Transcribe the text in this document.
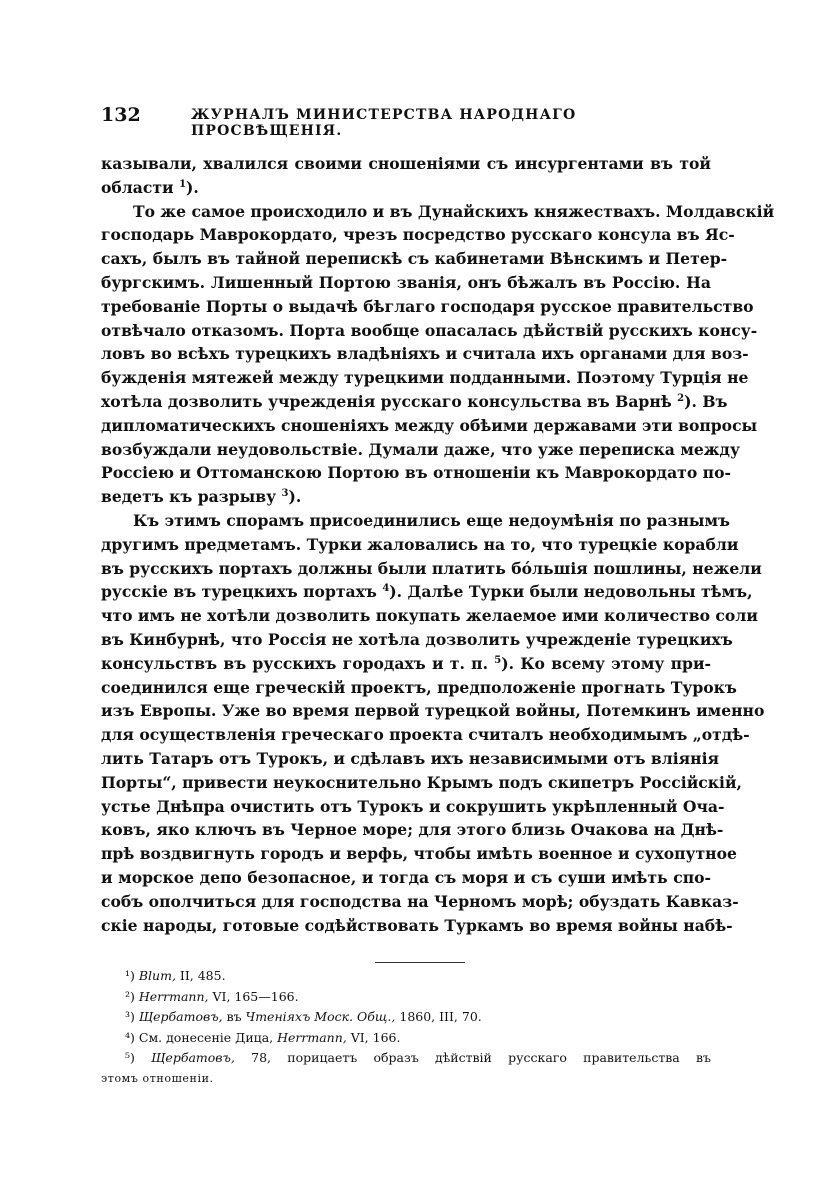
132	ЖУРНАЛЪ МИНИСТЕРСТВА НАРОДНАГО ПРОСВѢЩЕНІЯ.
казывали, хвалился своими сношеніями съ инсургентами въ той
области $^1$).
То же самое происходило и въ Дунайскихъ княжествахъ. Молдавскій
господарь Маврокордато, чрезъ посредство русскаго консула въ Яс-
сахъ, былъ въ тайной перепискѣ съ кабинетами Вѣнскимъ и Петер-
бургскимъ. Лишенный Портою званія, онъ бѣжалъ въ Россію. На
требованіе Порты о выдачѣ бѣглаго господаря русское правительство
отвѣчало отказомъ. Порта вообще опасалась дѣйствій русскихъ консу-
ловъ во всѣхъ турецкихъ владѣніяхъ и считала ихъ органами для воз-
бужденія мятежей между турецкими подданными. Поэтому Турція не
хотѣла дозволить учрежденія русскаго консульства въ Варнѣ $^2$). Въ
дипломатическихъ сношеніяхъ между обѣими державами эти вопросы
возбуждали неудовольствіе. Думали даже, что уже переписка между
Россіею и Оттоманскою Портою въ отношеніи къ Маврокордато по-
ведетъ къ разрыву $^3$).
Къ этимъ спорамъ присоединились еще недоумѣнія по разнымъ
другимъ предметамъ. Турки жаловались на то, что турецкіе корабли
въ русскихъ портахъ должны были платить бо́льшія пошлины, нежели
русскіе въ турецкихъ портахъ $^4$). Далѣе Турки были недовольны тѣмъ,
что имъ не хотѣли дозволить покупать желаемое ими количество соли
въ Кинбурнѣ, что Россія не хотѣла дозволить учрежденіе турецкихъ
консульствъ въ русскихъ городахъ и т. п. $^5$). Ко всему этому при-
соединился еще греческій проектъ, предположеніе прогнать Турокъ
изъ Европы. Уже во время первой турецкой войны, Потемкинъ именно
для осуществленія греческаго проекта считалъ необходимымъ „отдѣ-
лить Татаръ отъ Турокъ, и сдѣлавъ ихъ независимыми отъ вліянія
Порты“, привести неукоснительно Крымъ подъ скипетръ Россійскій,
устье Днѣпра очистить отъ Турокъ и сокрушить укрѣпленный Оча-
ковъ, яко ключъ въ Черное море; для этого близь Очакова на Днѣ-
прѣ воздвигнуть городъ и верфь, чтобы имѣть военное и сухопутное
и морское депо безопасное, и тогда съ моря и съ суши имѣть спо-
собъ ополчиться для господства на Черномъ морѣ; обуздать Кавказ-
скіе народы, готовые содѣйствовать Туркамъ во время войны набѣ-
¹) Blum, II, 485.
²) Herrmann, VI, 165—166.
³) Щербатовъ, въ Чтеніяхъ Моск. Общ., 1860, III, 70.
⁴) См. донесеніе Дица, Herrmann, VI, 166.
⁵) Щербатовъ, 78, порицаетъ образъ дѣйствій русскаго правительства въ
этомъ отношеніи.
